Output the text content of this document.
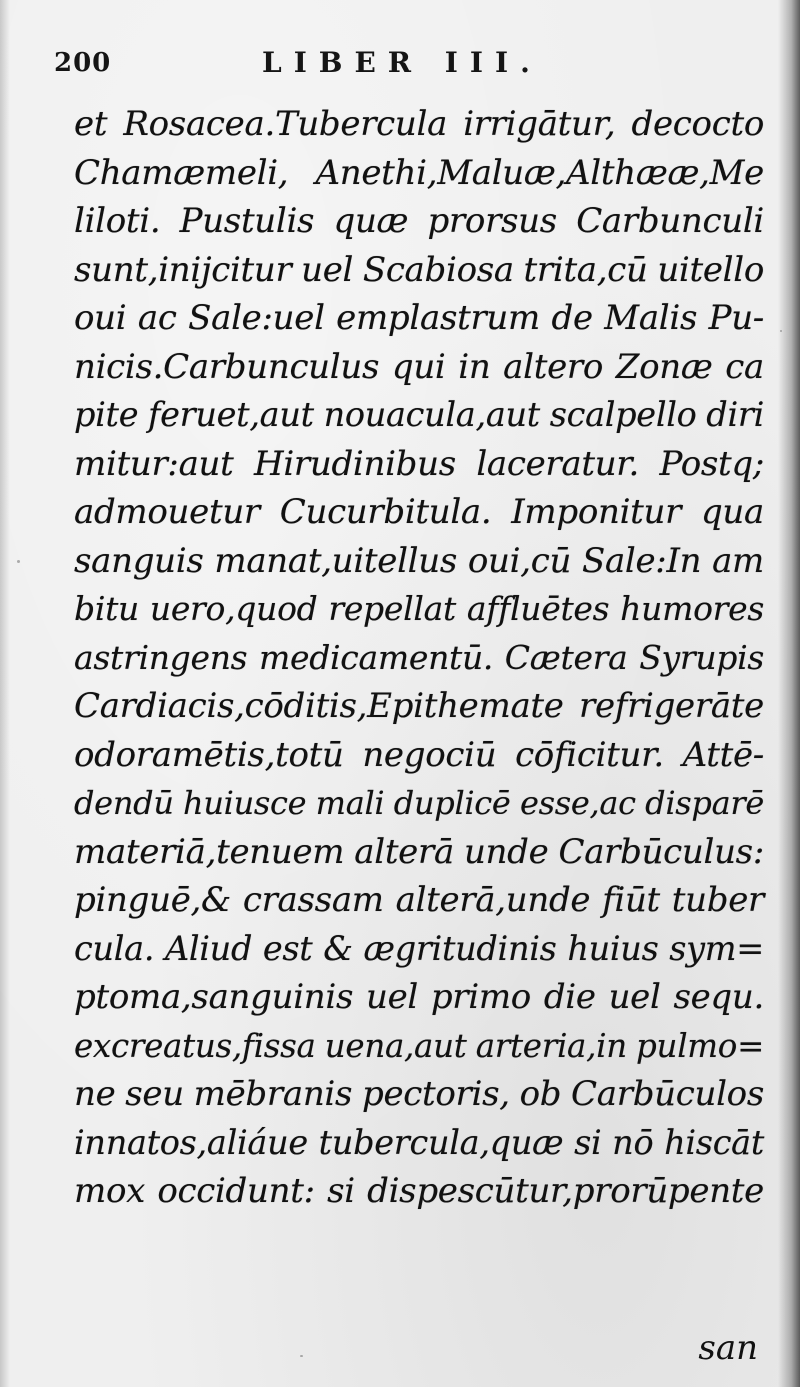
200	LIBER III.
et Rosacea.Tubercula irrigātur, decocto
Chamæmeli, Anethi,Maluæ,Althææ,Me
liloti. Pustulis quæ prorsus Carbunculi
sunt,inijcitur uel Scabiosa trita,cū uitello
oui ac Sale:uel emplastrum de Malis Pu-
nicis.Carbunculus qui in altero Zonæ ca
pite feruet,aut nouacula,aut scalpello diri
mitur:aut Hirudinibus laceratur. Postq;
admouetur Cucurbitula. Imponitur qua
sanguis manat,uitellus oui,cū Sale:In am
bitu uero,quod repellat affluētes humores
astringens medicamentū. Cætera Syrupis
Cardiacis,cōditis,Epithemate refrigerāte
odoramētis,totū negociū cōficitur. Attē-
dendū huiusce mali duplicē esse,ac disparē
materiā,tenuem alterā unde Carbūculus:
pinguē,& crassam alterā,unde fiūt tuber
cula. Aliud est & ægritudinis huius sym=
ptoma,sanguinis uel primo die uel sequ.
excreatus,fissa uena,aut arteria,in pulmo=
ne seu mēbranis pectoris, ob Carbūculos
innatos,aliáue tubercula,quæ si nō hiscāt
mox occidunt: si dispescūtur,prorūpente
san
